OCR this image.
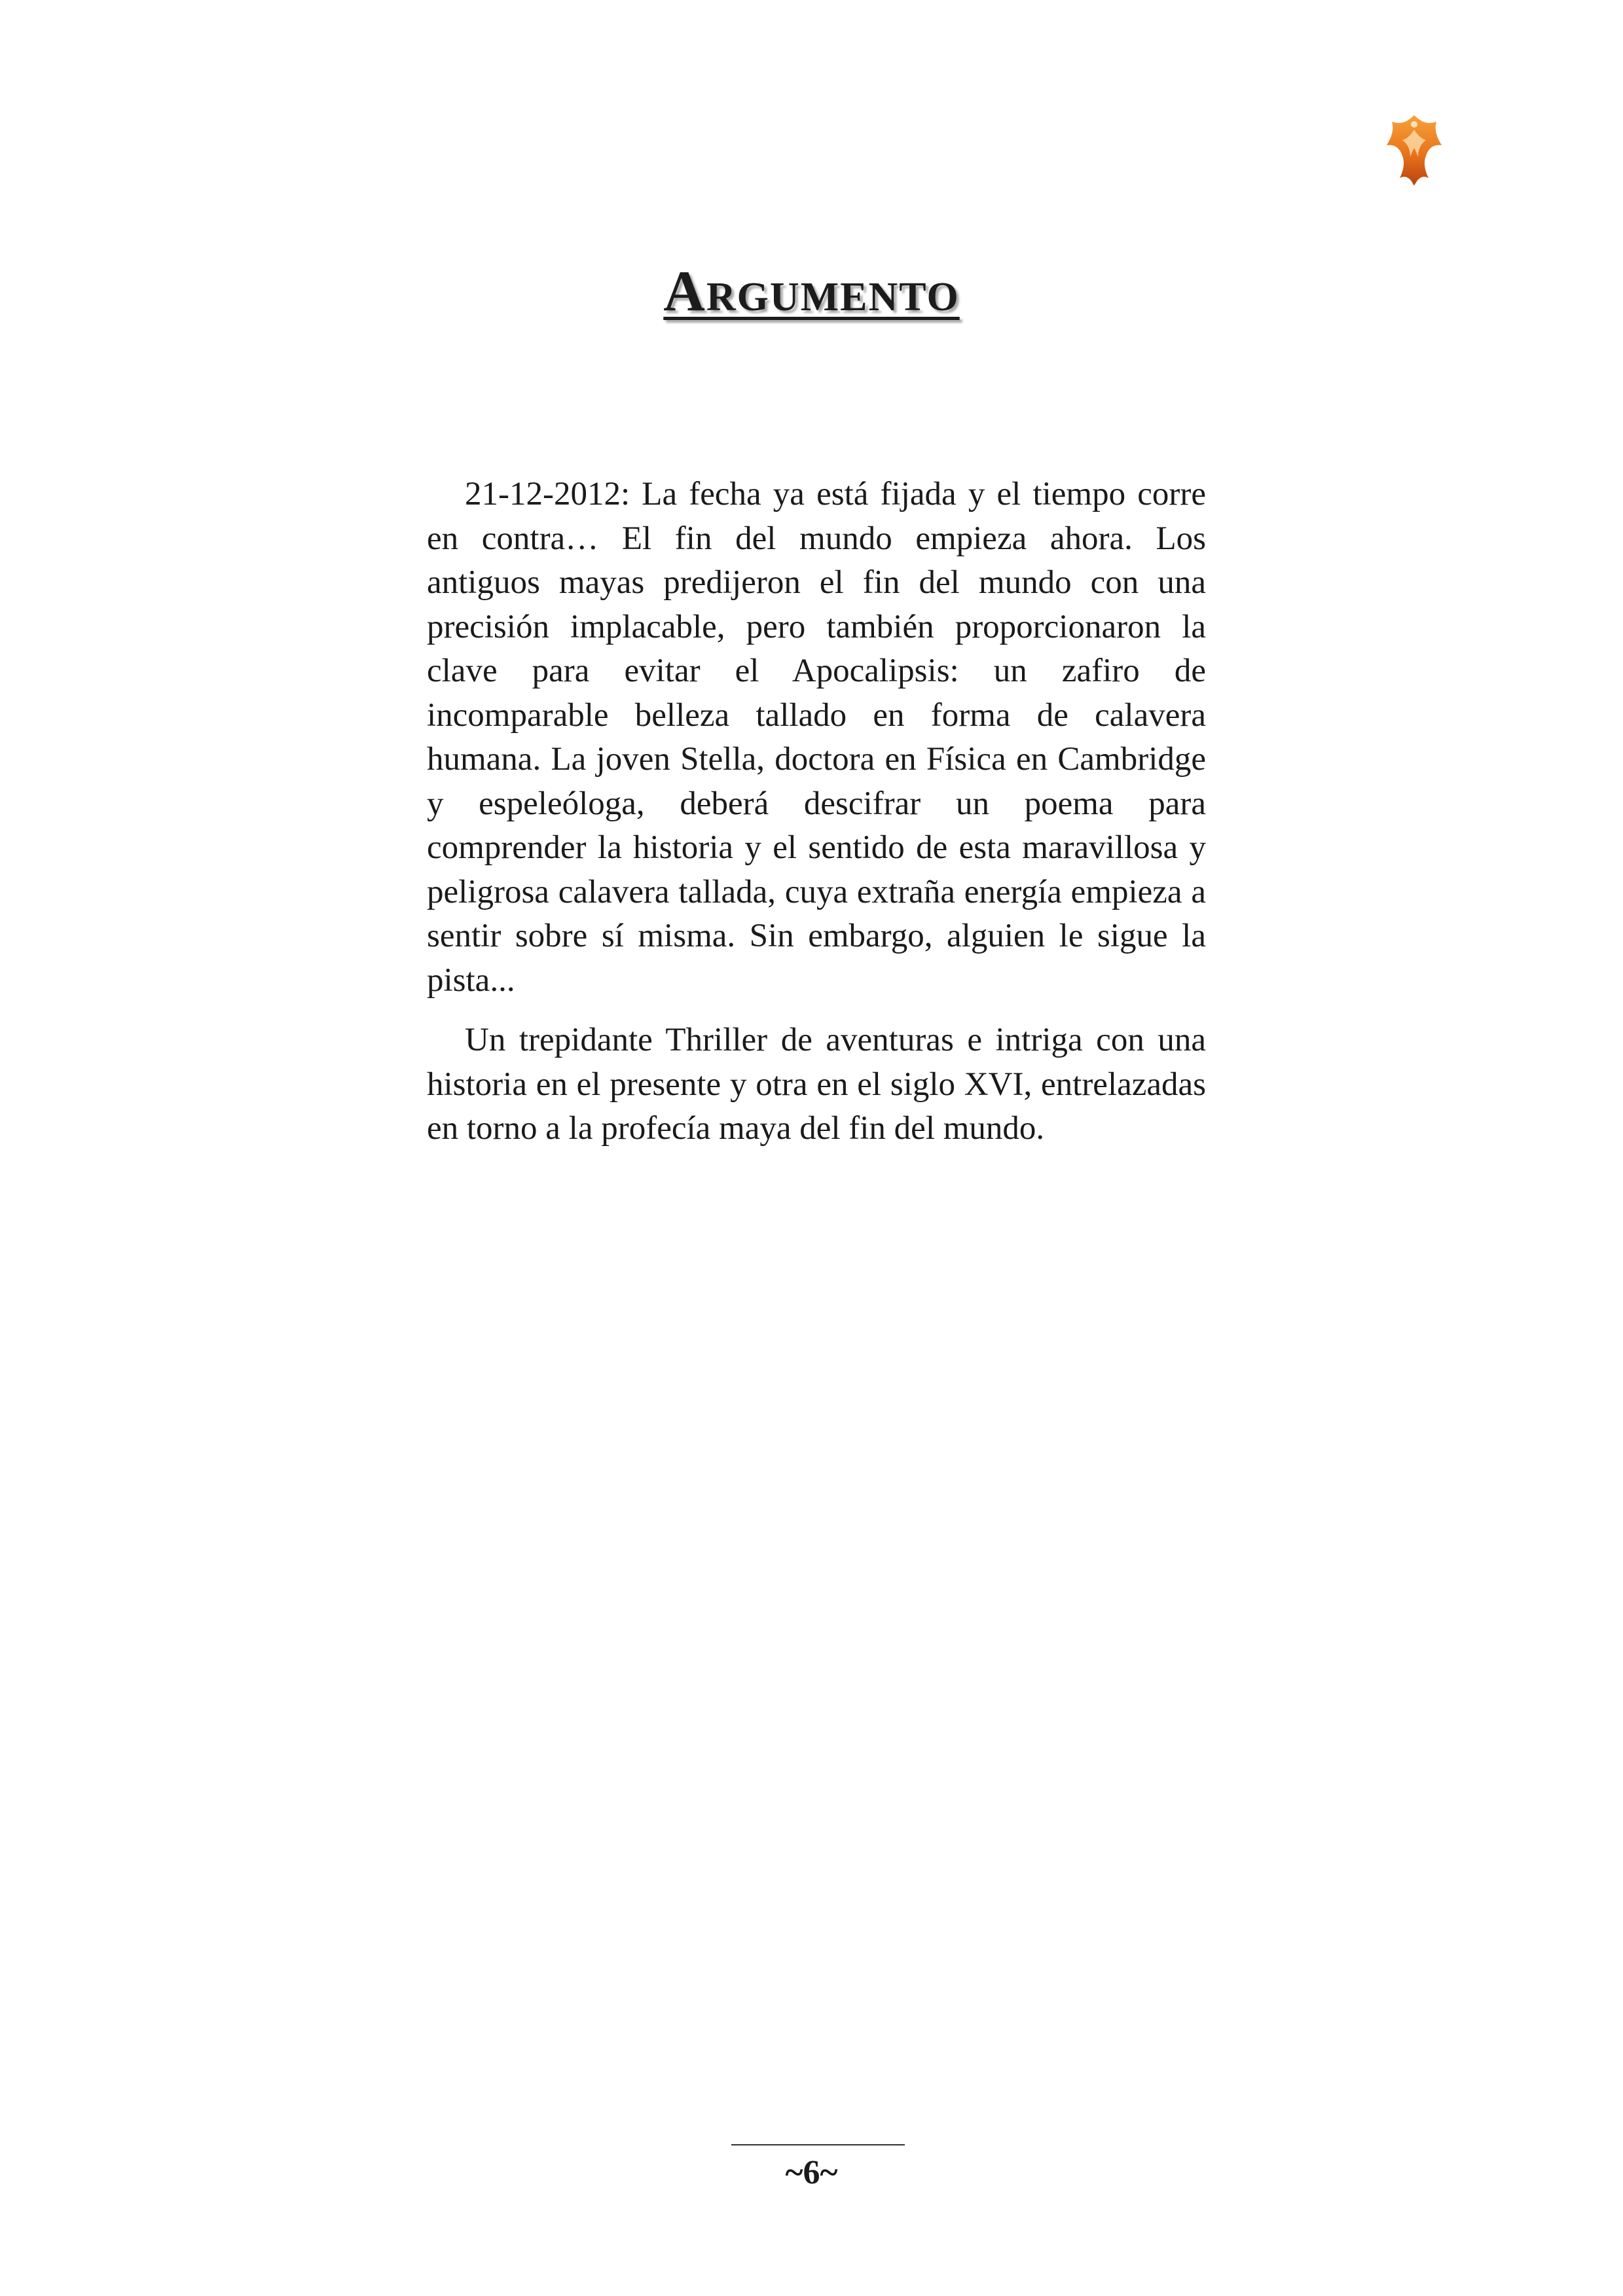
Argumento

21-12-2012: La fecha ya está fijada y el tiempo corre en contra… El fin del mundo empieza ahora. Los antiguos mayas predijeron el fin del mundo con una precisión implacable, pero también proporcionaron la clave para evitar el Apocalipsis: un zafiro de incomparable belleza tallado en forma de calavera humana. La joven Stella, doctora en Física en Cambridge y espeleóloga, deberá descifrar un poema para comprender la historia y el sentido de esta maravillosa y peligrosa calavera tallada, cuya extraña energía empieza a sentir sobre sí misma. Sin embargo, alguien le sigue la pista...

Un trepidante Thriller de aventuras e intriga con una historia en el presente y otra en el siglo XVI, entrelazadas en torno a la profecía maya del fin del mundo.

~6~
